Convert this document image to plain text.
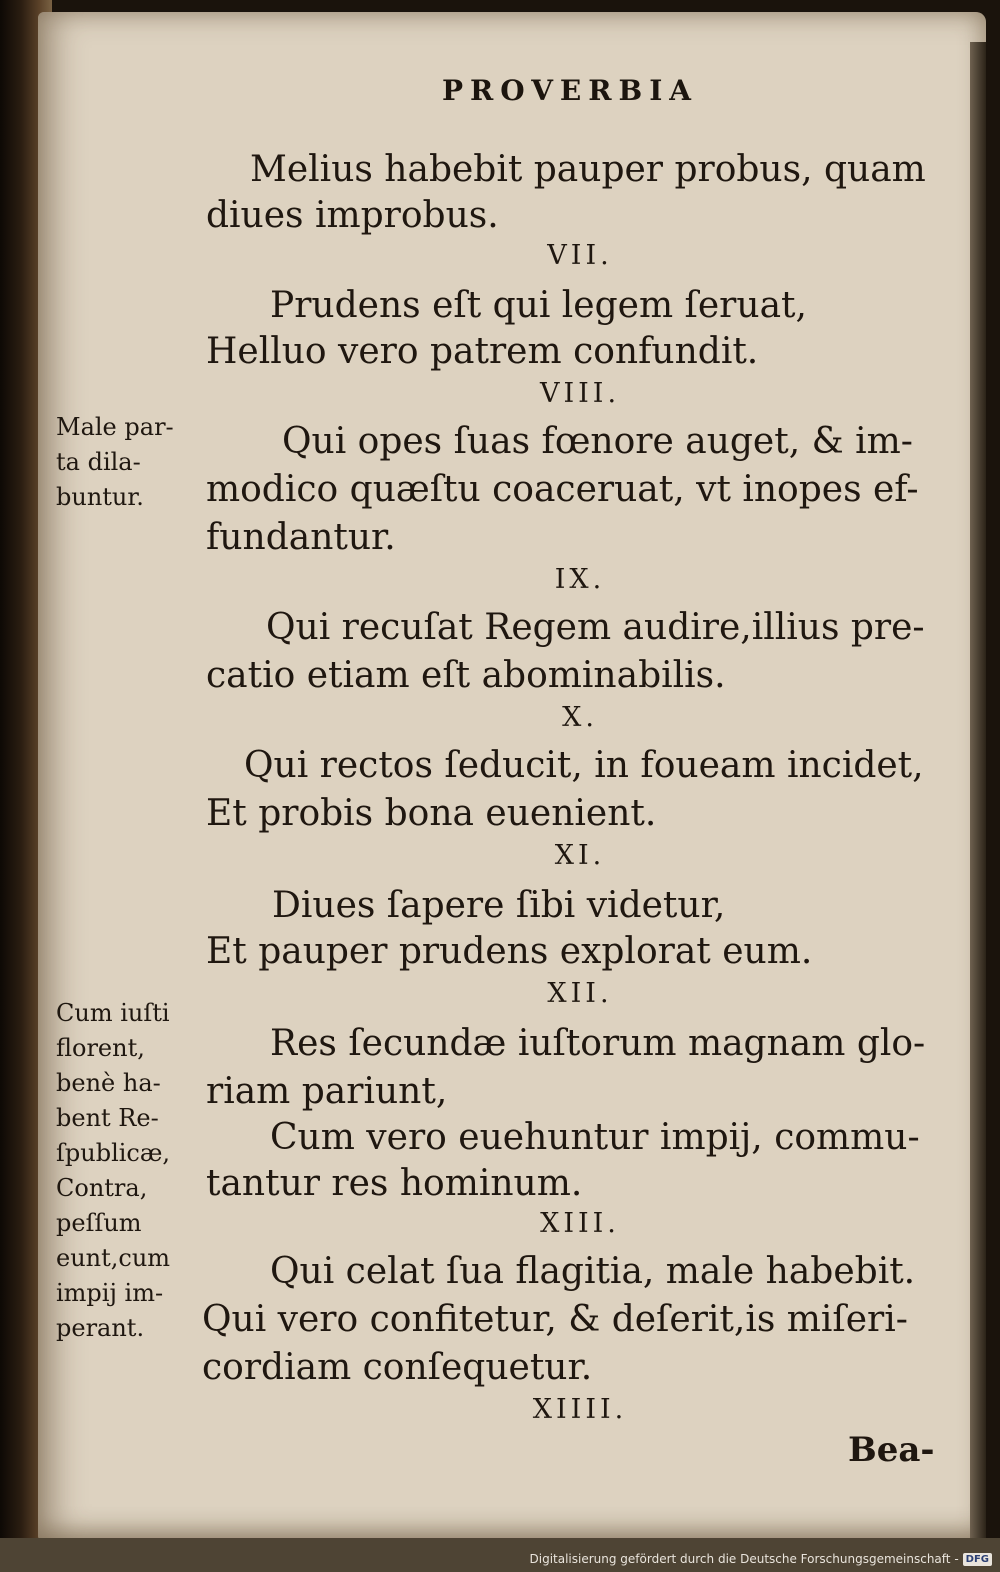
PROVERBIA
Melius habebit pauper probus, quam
diues improbus.
VII.
Prudens eſt qui legem ſeruat,
Helluo vero patrem confundit.
VIII.
Qui opes ſuas fœnore auget, & im-
modico quæſtu coaceruat, vt inopes ef-
fundantur.
IX.
Qui recuſat Regem audire,illius pre-
catio etiam eſt abominabilis.
X.
Qui rectos ſeducit, in foueam incidet,
Et probis bona euenient.
XI.
Diues ſapere ſibi videtur,
Et pauper prudens explorat eum.
XII.
Res ſecundæ iuſtorum magnam glo-
riam pariunt,
Cum vero euehuntur impij, commu-
tantur res hominum.
XIII.
Qui celat ſua flagitia, male habebit.
Qui vero confitetur, & deſerit,is miſeri-
cordiam conſequetur.
XIIII.
Male par-
ta dila-
buntur.
Cum iuſti
florent,
benè ha-
bent Re-
ſpublicæ,
Contra,
peſſum
eunt,cum
impij im-
perant.
Bea-
Digitalisierung gefördert durch die Deutsche Forschungsgemeinschaft - DFG
